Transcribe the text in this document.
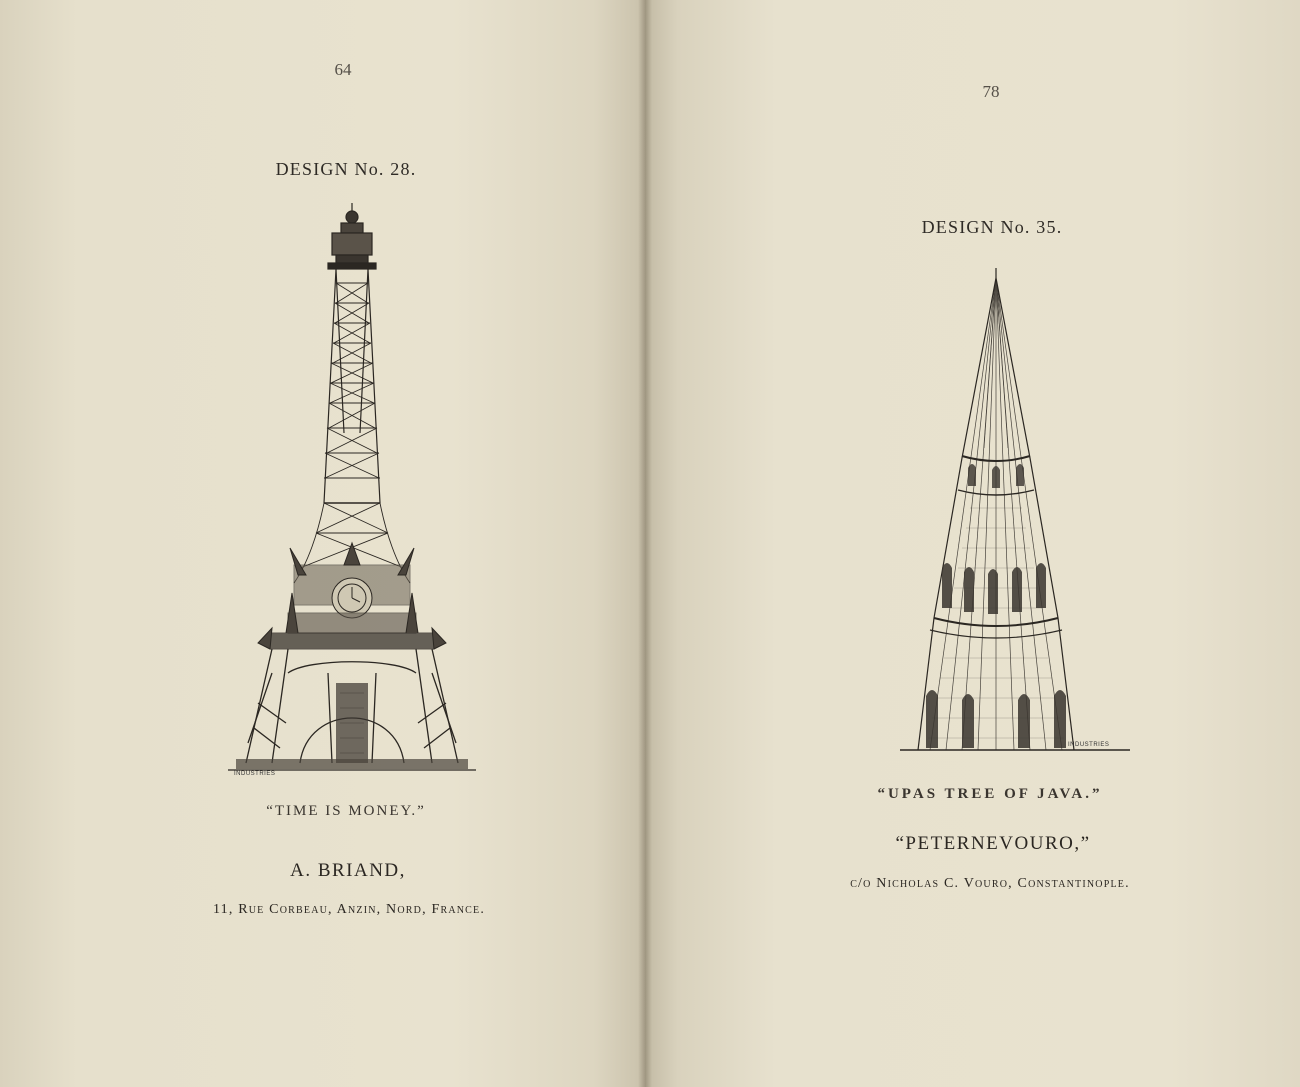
64
DESIGN No. 28.

INDUSTRIES
“TIME IS MONEY.”
A. BRIAND,
11, Rue Corbeau, Anzin, Nord, France.
78
DESIGN No. 35.
INDUSTRIES
“UPAS TREE OF JAVA.”
“PETERNEVOURO,”
c/o Nicholas C. Vouro, Constantinople.
